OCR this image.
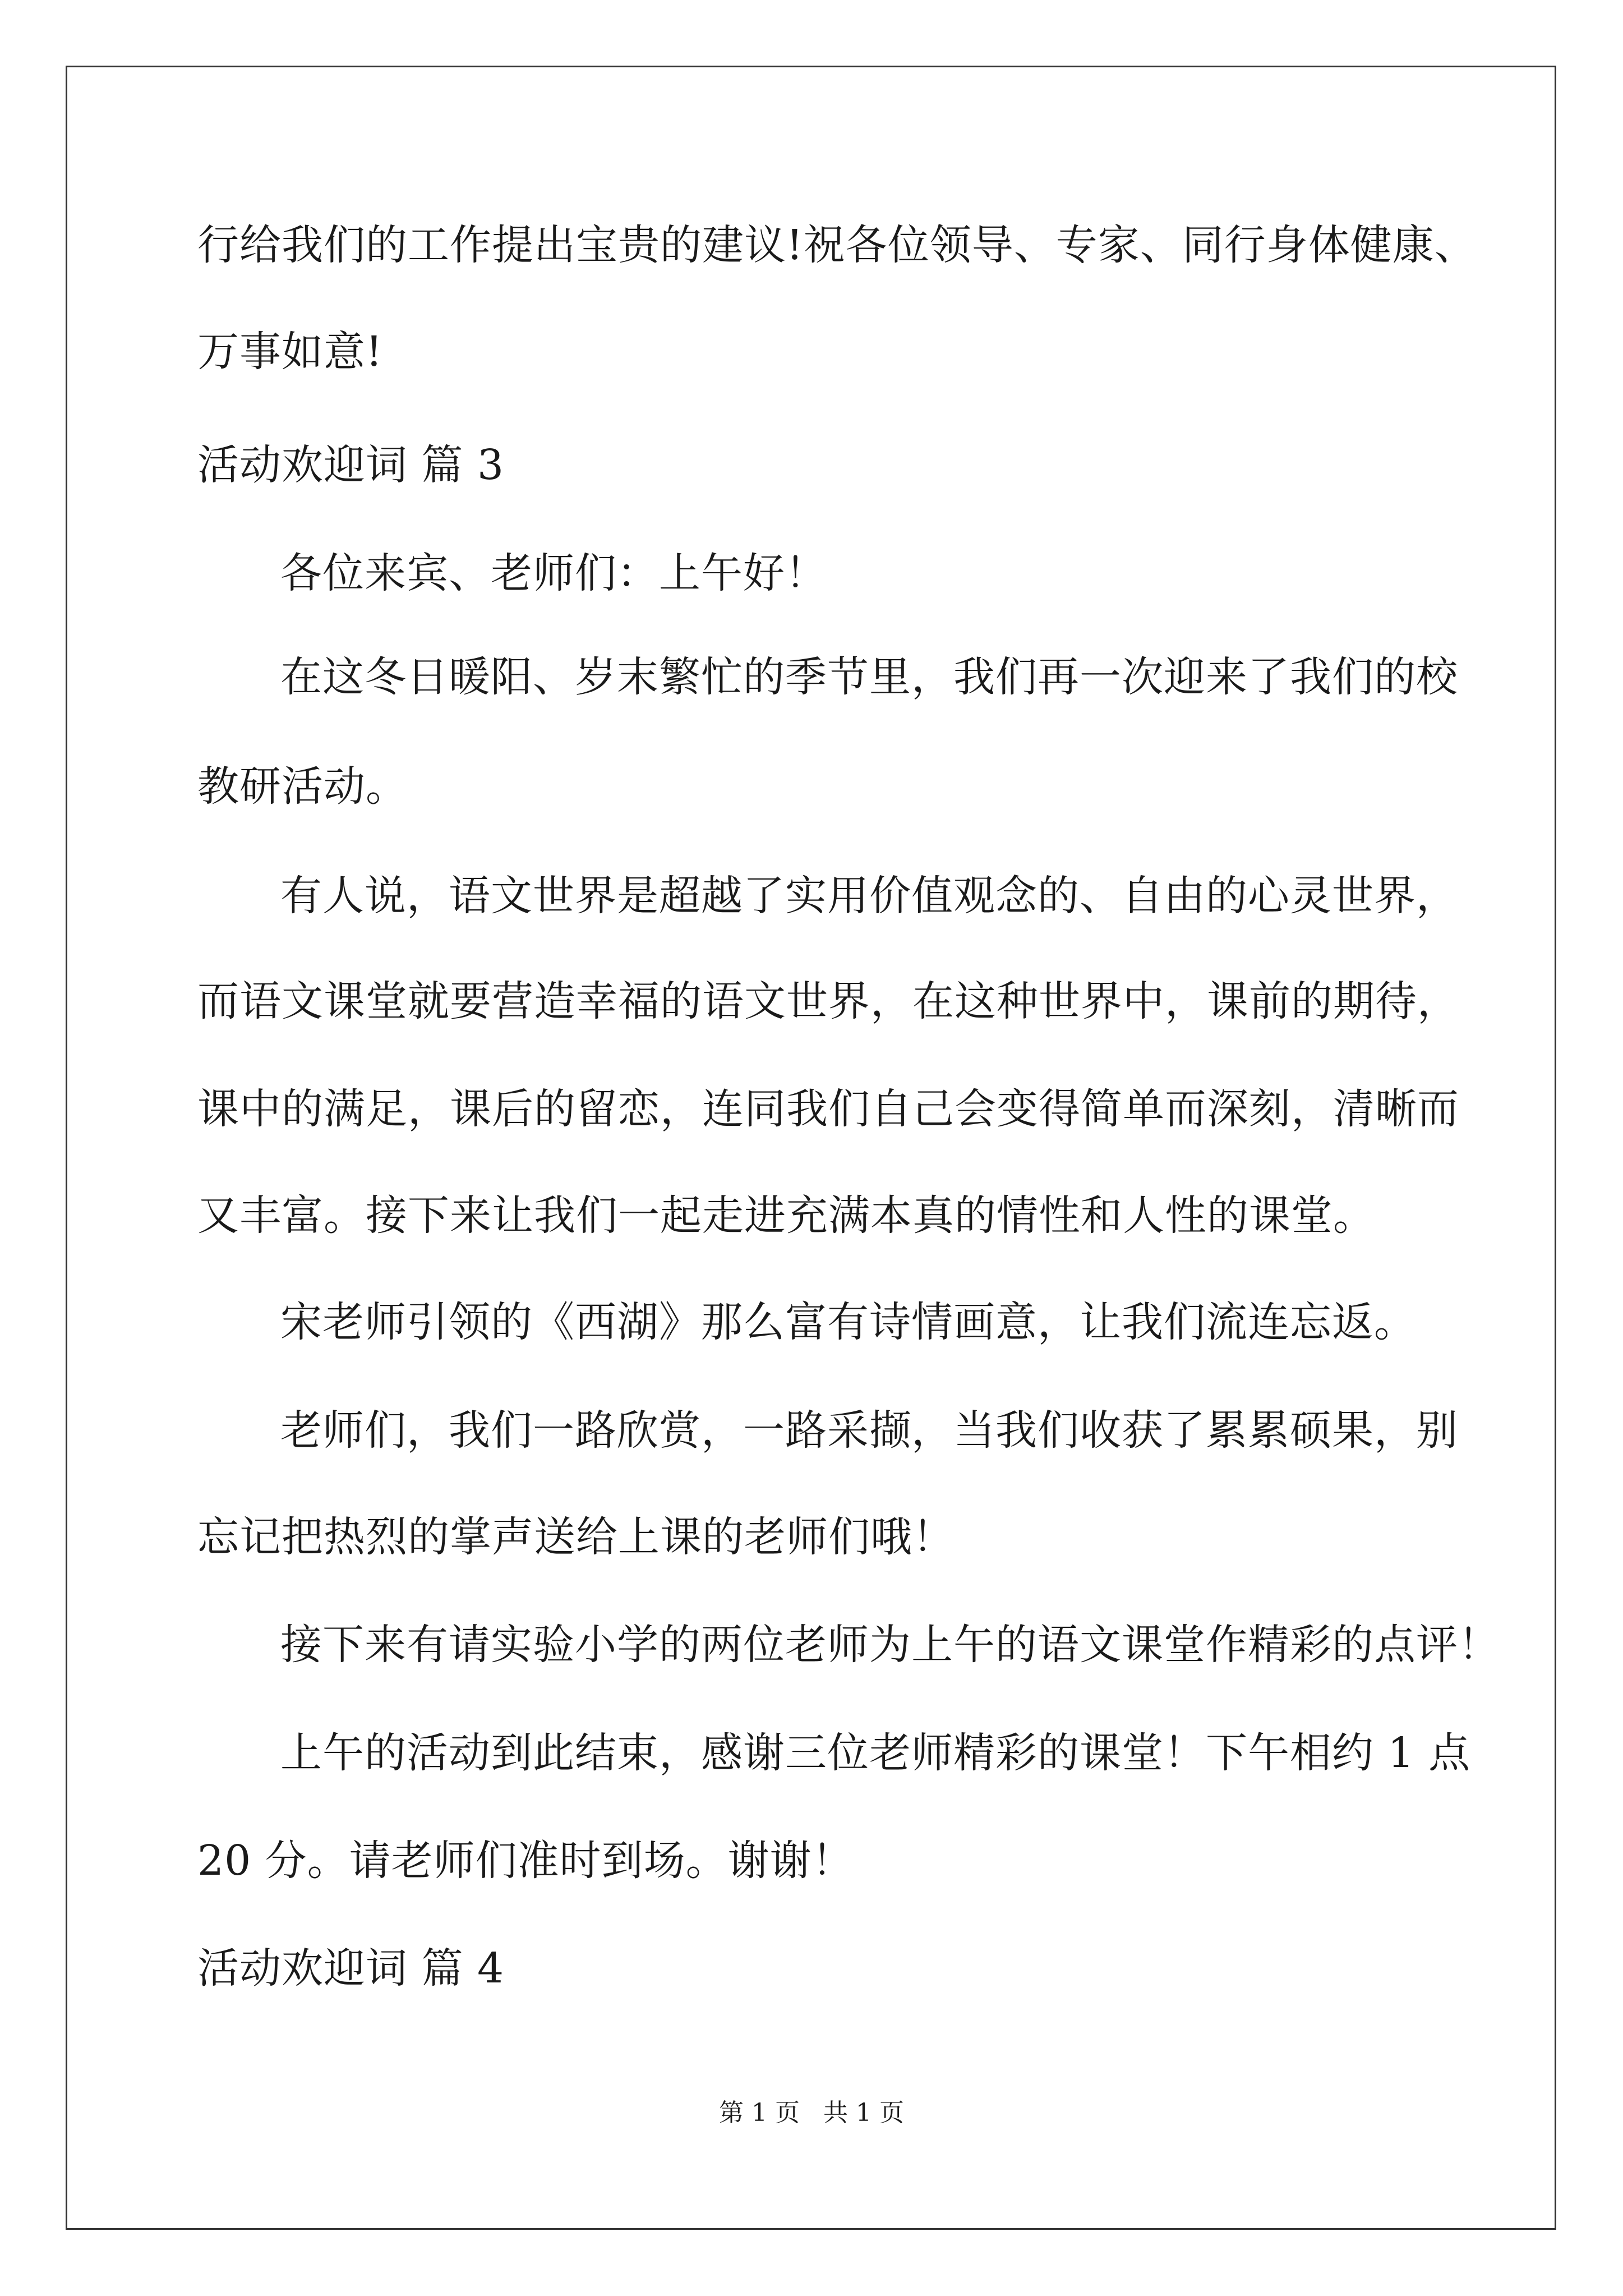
行给我们的工作提出宝贵的建议!祝各位领导、专家、同行身体健康、
万事如意!
活动欢迎词 篇 3
各位来宾、老师们：上午好！
在这冬日暖阳、岁末繁忙的季节里，我们再一次迎来了我们的校
教研活动。
有人说，语文世界是超越了实用价值观念的、自由的心灵世界，
而语文课堂就要营造幸福的语文世界，在这种世界中，课前的期待，
课中的满足，课后的留恋，连同我们自己会变得简单而深刻，清晰而
又丰富。接下来让我们一起走进充满本真的情性和人性的课堂。
宋老师引领的《西湖》那么富有诗情画意，让我们流连忘返。
老师们，我们一路欣赏，一路采撷，当我们收获了累累硕果，别
忘记把热烈的掌声送给上课的老师们哦！
接下来有请实验小学的两位老师为上午的语文课堂作精彩的点评！
上午的活动到此结束，感谢三位老师精彩的课堂！下午相约 1 点
20 分。请老师们准时到场。谢谢！
活动欢迎词 篇 4
第 1 页   共 1 页
